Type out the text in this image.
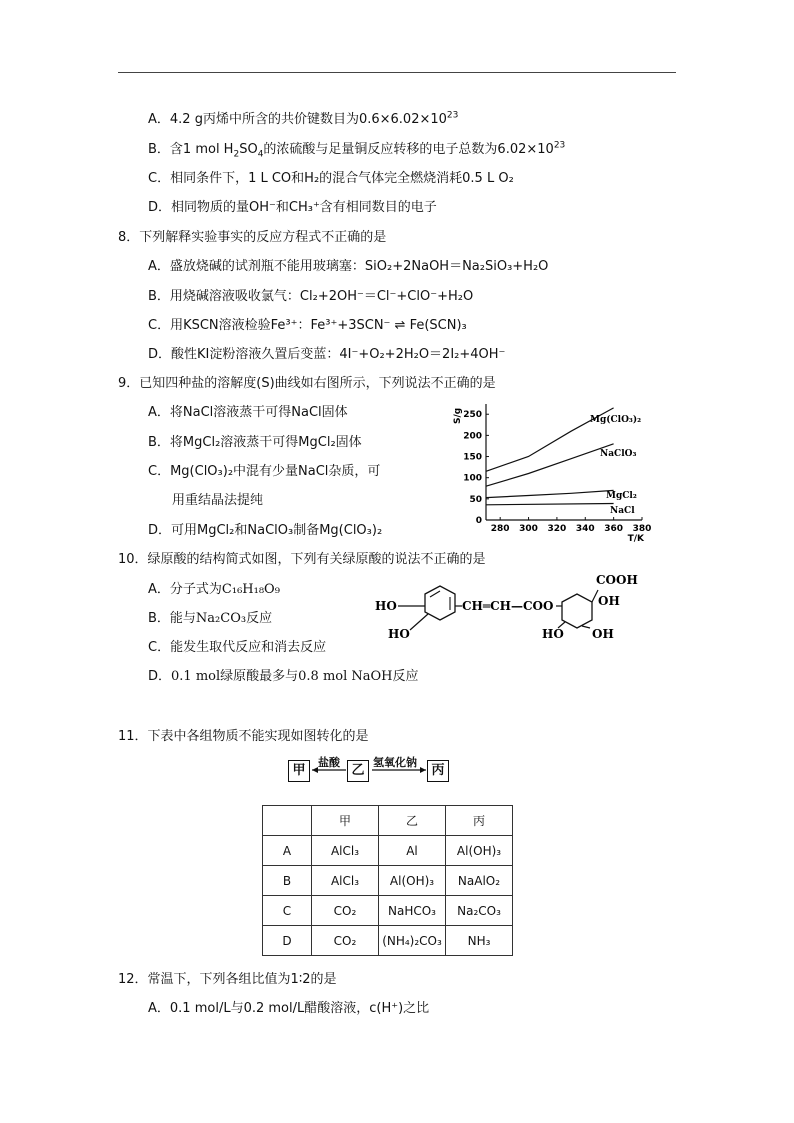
A．4.2 g丙烯中所含的共价键数目为$0.6\times 6.02\times 10^{23}$
B．含1 mol $H_2SO_4$的浓硫酸与足量铜反应转移的电子总数为$6.02\times 10^{23}$
C．相同条件下，1 L CO和H₂的混合气体完全燃烧消耗0.5 L O₂
D．相同物质的量OH⁻和CH₃⁺含有相同数目的电子
8．下列解释实验事实的反应方程式不正确的是
A．盛放烧碱的试剂瓶不能用玻璃塞：SiO₂+2NaOH＝Na₂SiO₃+H₂O
B．用烧碱溶液吸收氯气：Cl₂+2OH⁻＝Cl⁻+ClO⁻+H₂O
C．用KSCN溶液检验Fe³⁺：Fe³⁺+3SCN⁻ ⇌ Fe(SCN)₃
D．酸性KI淀粉溶液久置后变蓝：4I⁻+O₂+2H₂O＝2I₂+4OH⁻
9．已知四种盐的溶解度(S)曲线如右图所示，下列说法不正确的是
A．将NaCl溶液蒸干可得NaCl固体
B．将MgCl₂溶液蒸干可得MgCl₂固体
C．Mg(ClO₃)₂中混有少量NaCl杂质，可
用重结晶法提纯
D．可用MgCl₂和NaClO₃制备Mg(ClO₃)₂	280 300 320 340 360 380
0
50
100
150
200
250
T/K
S/g	Mg(ClO₃)₂
NaClO₃
MgCl₂
NaCl
10．绿原酸的结构简式如图，下列有关绿原酸的说法不正确的是
A．分子式为C₁₆H₁₈O₉
B．能与Na₂CO₃反应
C．能发生取代反应和消去反应
D．0.1 mol绿原酸最多与0.8 mol NaOH反应
HO
HO
CH═CH—COO
COOH
OH
HO OH
11．下表中各组物质不能实现如图转化的是
甲	乙	丙
盐酸	氢氧化钠
	甲	乙	丙
A	AlCl₃	Al	Al(OH)₃
B	AlCl₃	Al(OH)₃	NaAlO₂
C	CO₂	NaHCO₃	Na₂CO₃
D	CO₂	(NH₄)₂CO₃	NH₃
12．常温下，下列各组比值为1∶2的是
A．0.1 mol/L与0.2 mol/L醋酸溶液，c(H⁺)之比
